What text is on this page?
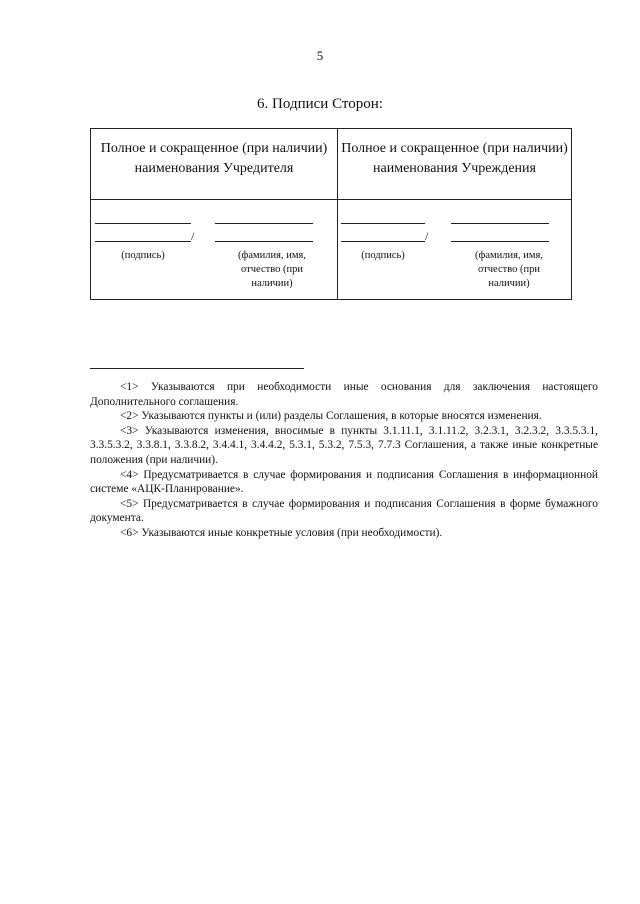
5
6. Подписи Сторон:
Полное и сокращенное (при наличии) наименования Учредителя
Полное и сокращенное (при наличии) наименования Учреждения
/
(подпись)	(фамилия, имя, отчество (при наличии)
/
(подпись)	(фамилия, имя, отчество (при наличии)

<1> Указываются при необходимости иные основания для заключения настоящего Дополнительного соглашения.

<2> Указываются пункты и (или) разделы Соглашения, в которые вносятся изменения.

<3> Указываются изменения, вносимые в пункты 3.1.11.1, 3.1.11.2, 3.2.3.1, 3.2.3.2, 3.3.5.3.1, 3.3.5.3.2, 3.3.8.1, 3.3.8.2, 3.4.4.1, 3.4.4.2, 5.3.1, 5.3.2, 7.5.3, 7.7.3 Соглашения, а также иные конкретные положения (при наличии).

<4> Предусматривается в случае формирования и подписания Соглашения в информационной системе «АЦК-Планирование».

<5> Предусматривается в случае формирования и подписания Соглашения в форме бумажного документа.

<6> Указываются иные конкретные условия (при необходимости).
